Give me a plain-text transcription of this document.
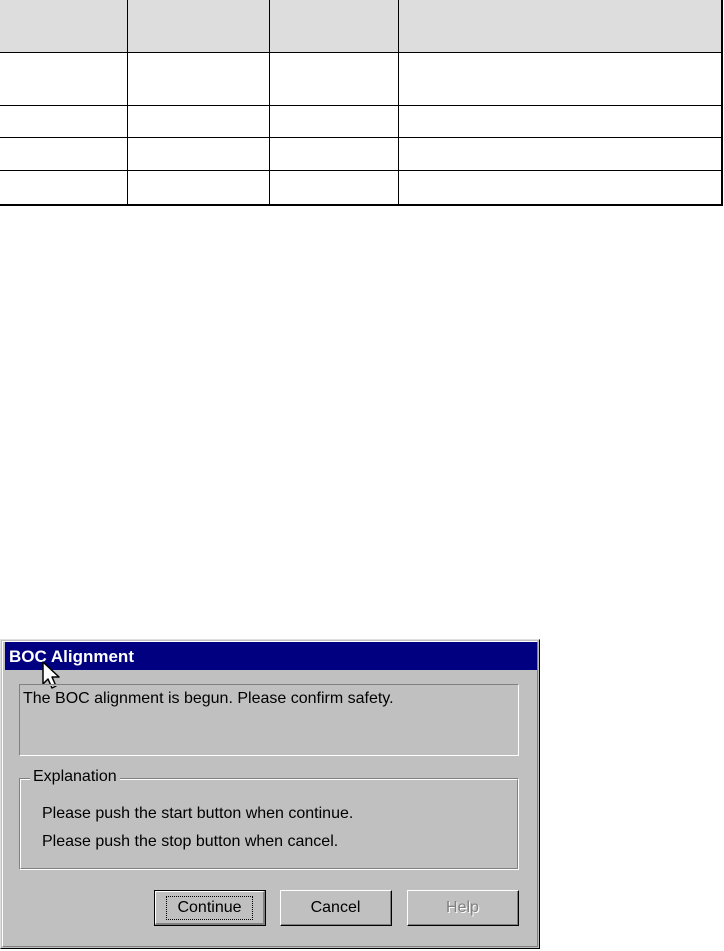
BOC Alignment
The BOC alignment is begun. Please confirm safety.
Explanation
Please push the start button when continue.
Please push the stop button when cancel.
Continue	Cancel	Help
